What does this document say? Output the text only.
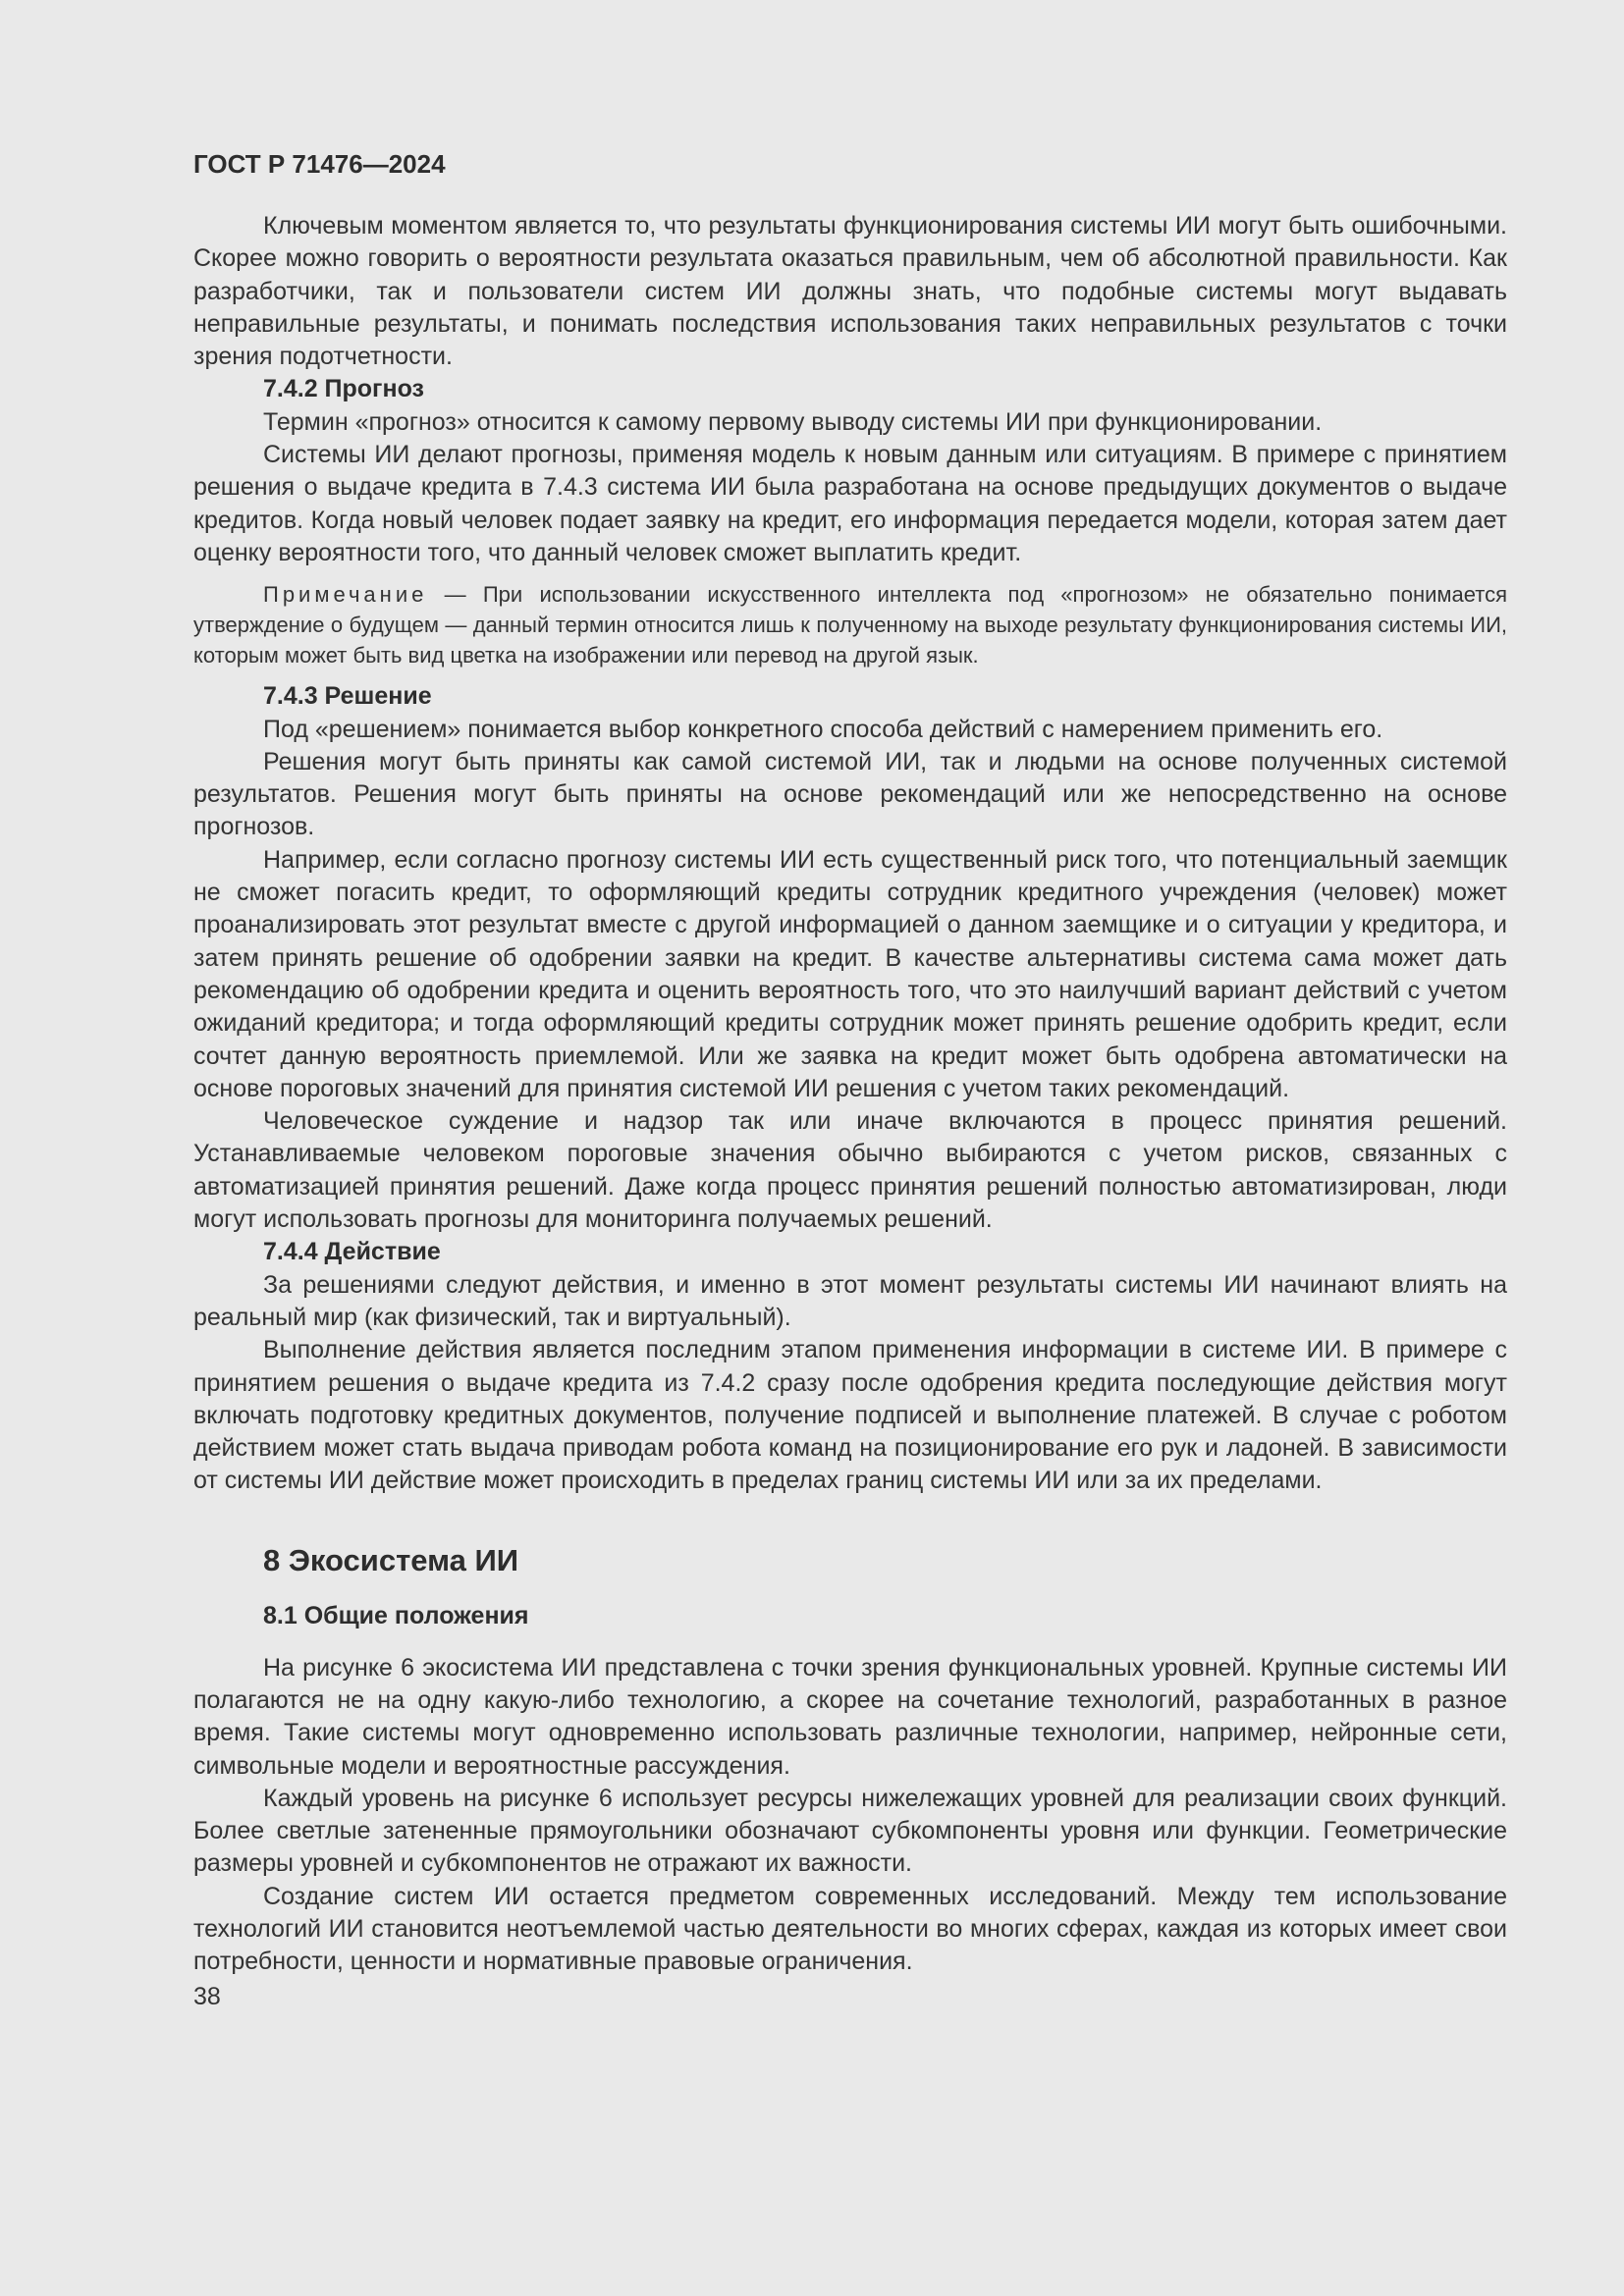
ГОСТ Р 71476—2024

Ключевым моментом является то, что результаты функционирования системы ИИ могут быть ошибочными. Скорее можно говорить о вероятности результата оказаться правильным, чем об абсолютной правильности. Как разработчики, так и пользователи систем ИИ должны знать, что подобные системы могут выдавать неправильные результаты, и понимать последствия использования таких неправильных результатов с точки зрения подотчетности.

7.4.2 Прогноз

Термин «прогноз» относится к самому первому выводу системы ИИ при функционировании.

Системы ИИ делают прогнозы, применяя модель к новым данным или ситуациям. В примере с принятием решения о выдаче кредита в 7.4.3 система ИИ была разработана на основе предыдущих документов о выдаче кредитов. Когда новый человек подает заявку на кредит, его информация передается модели, которая затем дает оценку вероятности того, что данный человек сможет выплатить кредит.

Примечание — При использовании искусственного интеллекта под «прогнозом» не обязательно понимается утверждение о будущем — данный термин относится лишь к полученному на выходе результату функционирования системы ИИ, которым может быть вид цветка на изображении или перевод на другой язык.

7.4.3 Решение

Под «решением» понимается выбор конкретного способа действий с намерением применить его.

Решения могут быть приняты как самой системой ИИ, так и людьми на основе полученных системой результатов. Решения могут быть приняты на основе рекомендаций или же непосредственно на основе прогнозов.

Например, если согласно прогнозу системы ИИ есть существенный риск того, что потенциальный заемщик не сможет погасить кредит, то оформляющий кредиты сотрудник кредитного учреждения (человек) может проанализировать этот результат вместе с другой информацией о данном заемщике и о ситуации у кредитора, и затем принять решение об одобрении заявки на кредит. В качестве альтернативы система сама может дать рекомендацию об одобрении кредита и оценить вероятность того, что это наилучший вариант действий с учетом ожиданий кредитора; и тогда оформляющий кредиты сотрудник может принять решение одобрить кредит, если сочтет данную вероятность приемлемой. Или же заявка на кредит может быть одобрена автоматически на основе пороговых значений для принятия системой ИИ решения с учетом таких рекомендаций.

Человеческое суждение и надзор так или иначе включаются в процесс принятия решений. Устанавливаемые человеком пороговые значения обычно выбираются с учетом рисков, связанных с автоматизацией принятия решений. Даже когда процесс принятия решений полностью автоматизирован, люди могут использовать прогнозы для мониторинга получаемых решений.

7.4.4 Действие

За решениями следуют действия, и именно в этот момент результаты системы ИИ начинают влиять на реальный мир (как физический, так и виртуальный).

Выполнение действия является последним этапом применения информации в системе ИИ. В примере с принятием решения о выдаче кредита из 7.4.2 сразу после одобрения кредита последующие действия могут включать подготовку кредитных документов, получение подписей и выполнение платежей. В случае с роботом действием может стать выдача приводам робота команд на позиционирование его рук и ладоней. В зависимости от системы ИИ действие может происходить в пределах границ системы ИИ или за их пределами.

8 Экосистема ИИ
8.1 Общие положения

На рисунке 6 экосистема ИИ представлена с точки зрения функциональных уровней. Крупные системы ИИ полагаются не на одну какую-либо технологию, а скорее на сочетание технологий, разработанных в разное время. Такие системы могут одновременно использовать различные технологии, например, нейронные сети, символьные модели и вероятностные рассуждения.

Каждый уровень на рисунке 6 использует ресурсы нижележащих уровней для реализации своих функций. Более светлые затененные прямоугольники обозначают субкомпоненты уровня или функции. Геометрические размеры уровней и субкомпонентов не отражают их важности.

Создание систем ИИ остается предметом современных исследований. Между тем использование технологий ИИ становится неотъемлемой частью деятельности во многих сферах, каждая из которых имеет свои потребности, ценности и нормативные правовые ограничения.

38
